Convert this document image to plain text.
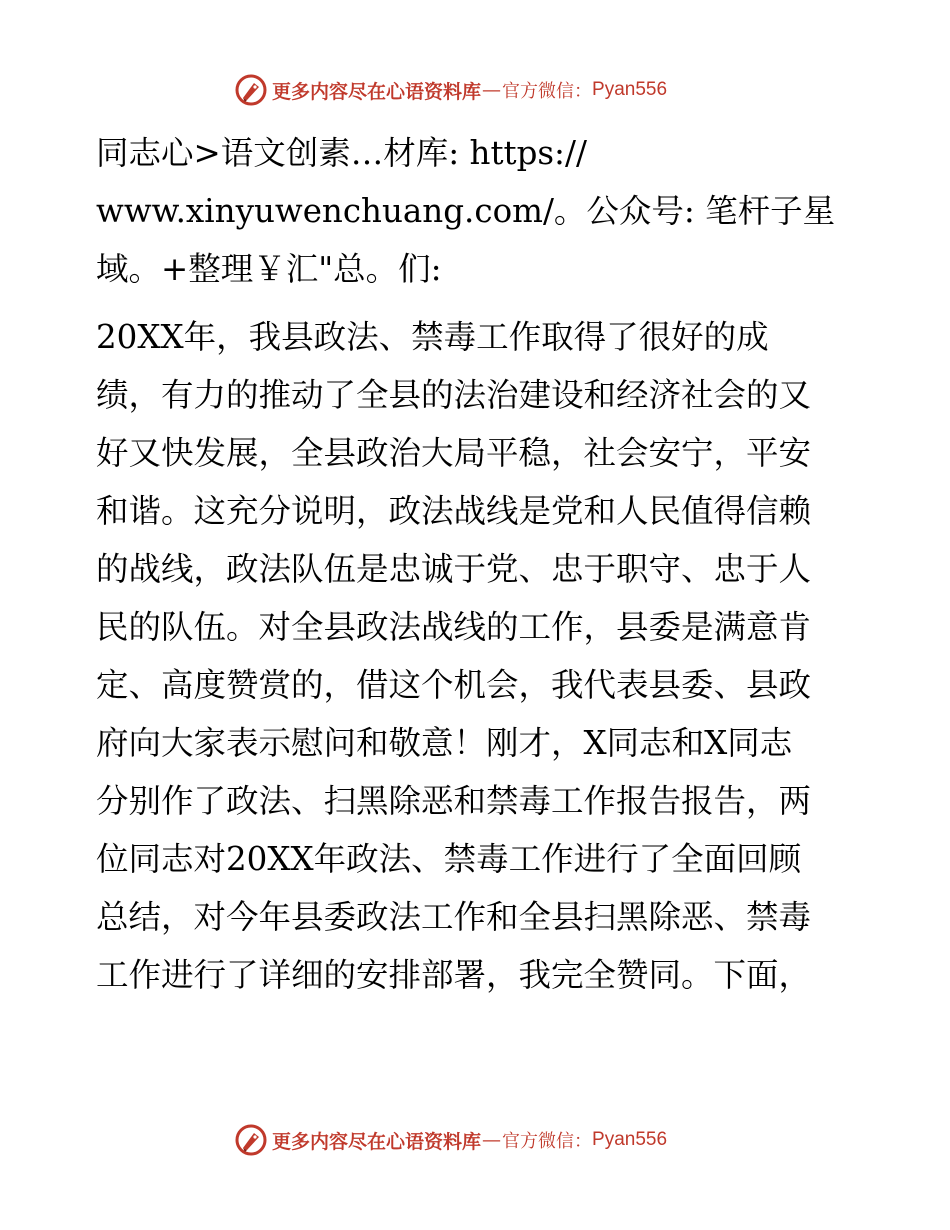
更多内容尽在心语资料库 — 官方微信： Pyan556
同志心>语文创素…材库: https://
www.xinyuwenchuang.com/。公众号: 笔杆子星
域。+整理￥汇"总。们:
20XX年，我县政法、禁毒工作取得了很好的成
绩，有力的推动了全县的法治建设和经济社会的又
好又快发展，全县政治大局平稳，社会安宁，平安
和谐。这充分说明，政法战线是党和人民值得信赖
的战线，政法队伍是忠诚于党、忠于职守、忠于人
民的队伍。对全县政法战线的工作，县委是满意肯
定、高度赞赏的，借这个机会，我代表县委、县政
府向大家表示慰问和敬意！刚才，X同志和X同志
分别作了政法、扫黑除恶和禁毒工作报告报告，两
位同志对20XX年政法、禁毒工作进行了全面回顾
总结，对今年县委政法工作和全县扫黑除恶、禁毒
工作进行了详细的安排部署，我完全赞同。下面，
更多内容尽在心语资料库 — 官方微信： Pyan556
